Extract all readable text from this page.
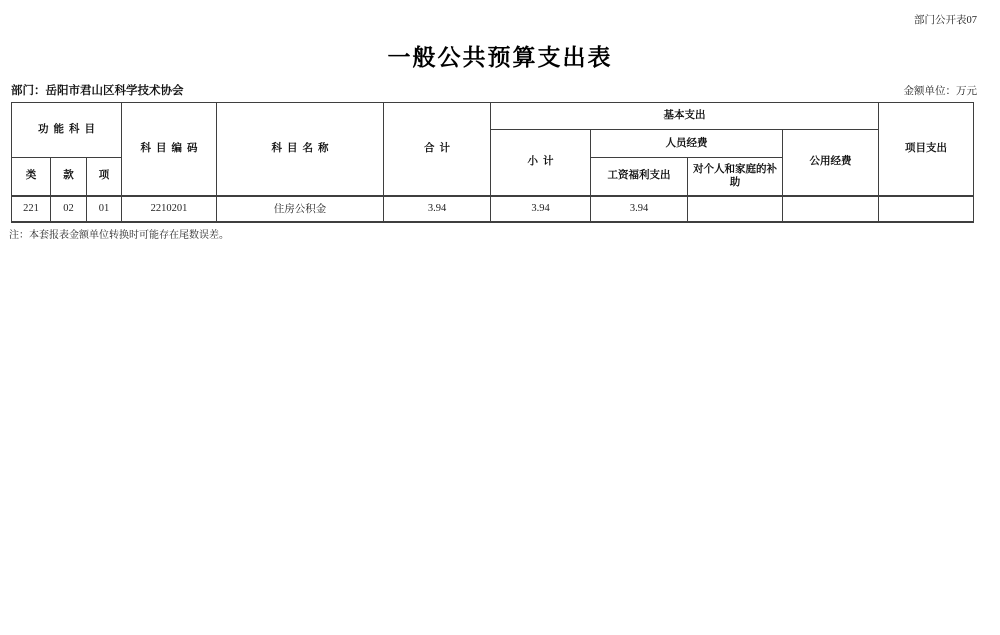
部门公开表07
一般公共预算支出表
部门：岳阳市君山区科学技术协会	金额单位：万元
功能科目			科目编码	科目名称	合计	基本支出				项目支出
						小计	人员经费		公用经费	
类	款	项					工资福利支出	对个人和家庭的补助		
221	02	01	2210201	住房公积金	3.94	3.94	3.94			
注：本套报表金额单位转换时可能存在尾数误差。
